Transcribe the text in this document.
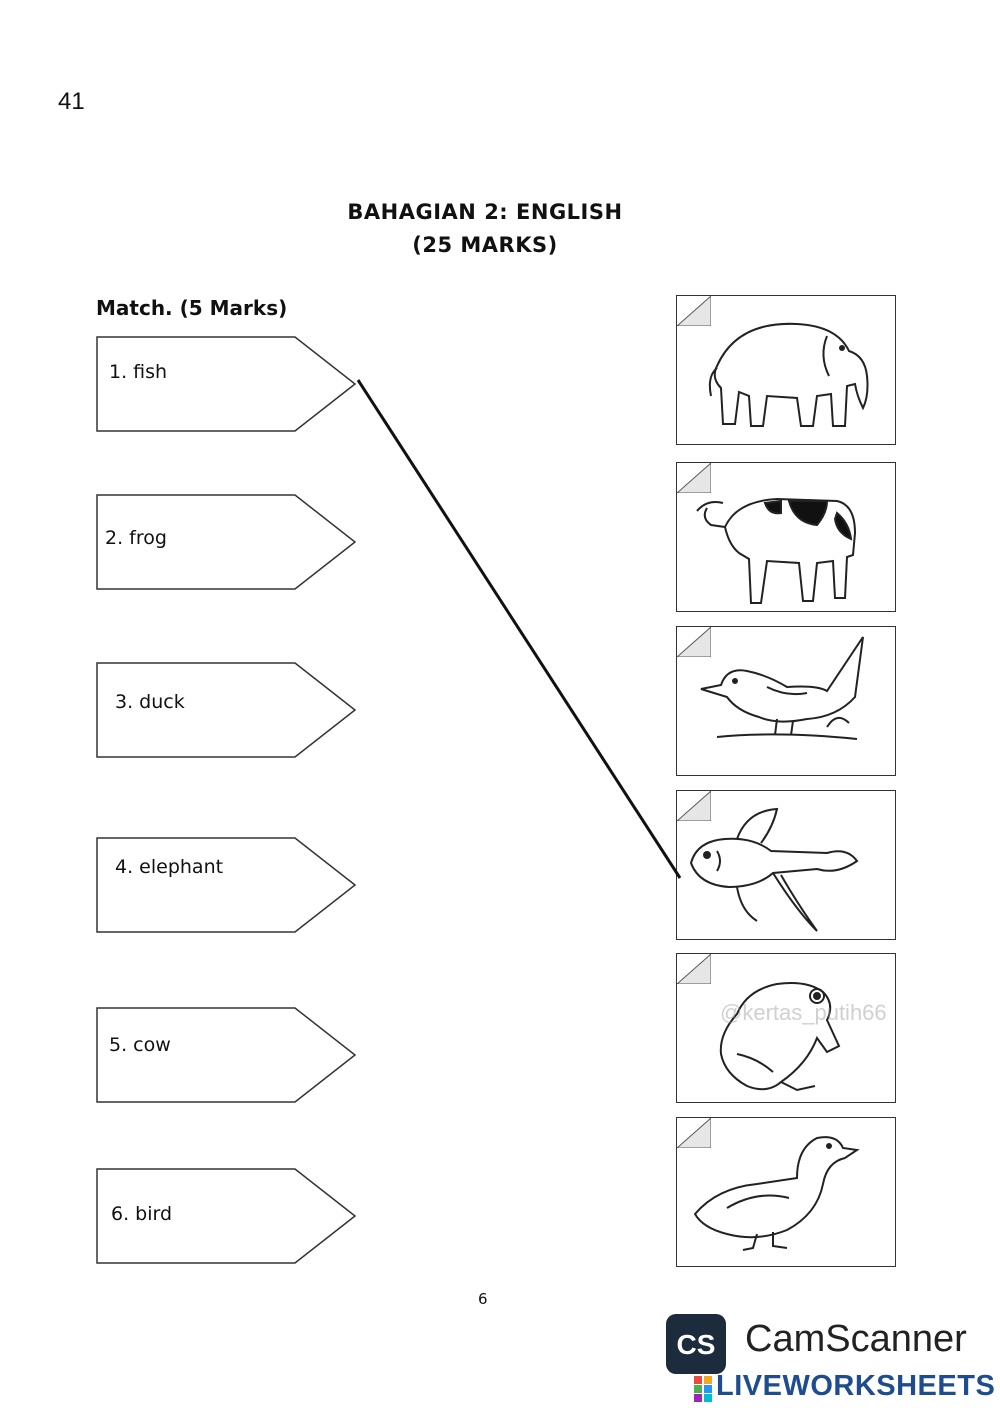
41
BAHAGIAN 2: ENGLISH
(25 MARKS)
Match. (5 Marks)
1. fish
2. frog
3. duck
4. elephant
5. cow
6. bird
@kertas_putih66
6
CS CamScanner
LIVEWORKSHEETS
